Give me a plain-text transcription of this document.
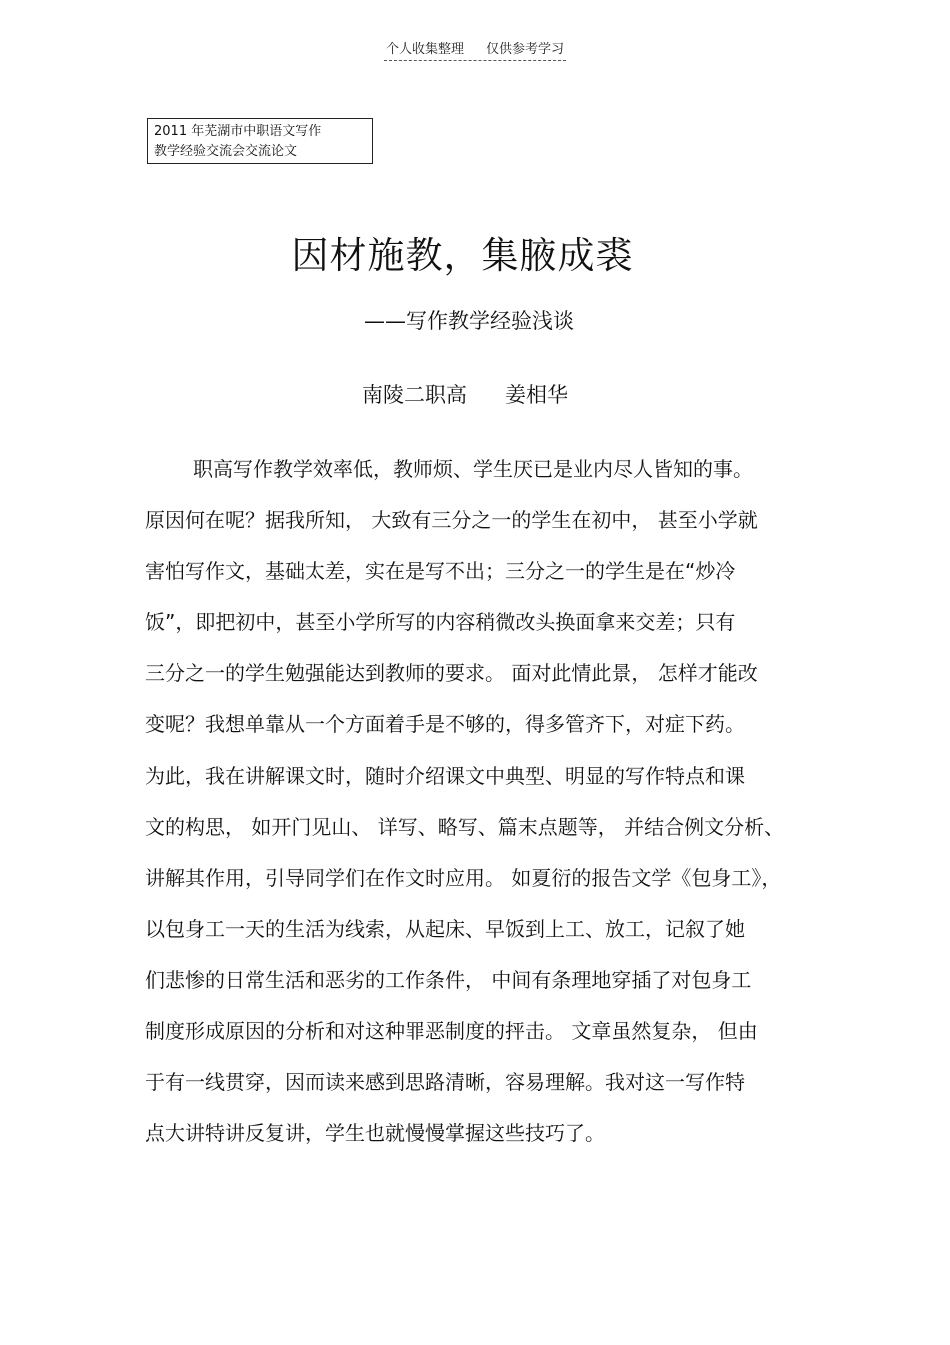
个人收集整理 仅供参考学习
2011 年芜湖市中职语文写作
教学经验交流会交流论文
因材施教，集腋成裘
——写作教学经验浅谈
南陵二职高 姜相华
职高写作教学效率低，教师烦、学生厌已是业内尽人皆知的事。
原因何在呢？据我所知， 大致有三分之一的学生在初中， 甚至小学就
害怕写作文，基础太差，实在是写不出；三分之一的学生是在“炒冷
饭”，即把初中，甚至小学所写的内容稍微改头换面拿来交差；只有
三分之一的学生勉强能达到教师的要求。 面对此情此景， 怎样才能改
变呢？我想单靠从一个方面着手是不够的，得多管齐下，对症下药。
为此，我在讲解课文时，随时介绍课文中典型、明显的写作特点和课
文的构思， 如开门见山、 详写、略写、篇末点题等， 并结合例文分析、
讲解其作用，引导同学们在作文时应用。 如夏衍的报告文学《包身工》，
以包身工一天的生活为线索，从起床、早饭到上工、放工，记叙了她
们悲惨的日常生活和恶劣的工作条件， 中间有条理地穿插了对包身工
制度形成原因的分析和对这种罪恶制度的抨击。 文章虽然复杂， 但由
于有一线贯穿，因而读来感到思路清晰，容易理解。我对这一写作特
点大讲特讲反复讲，学生也就慢慢掌握这些技巧了。
